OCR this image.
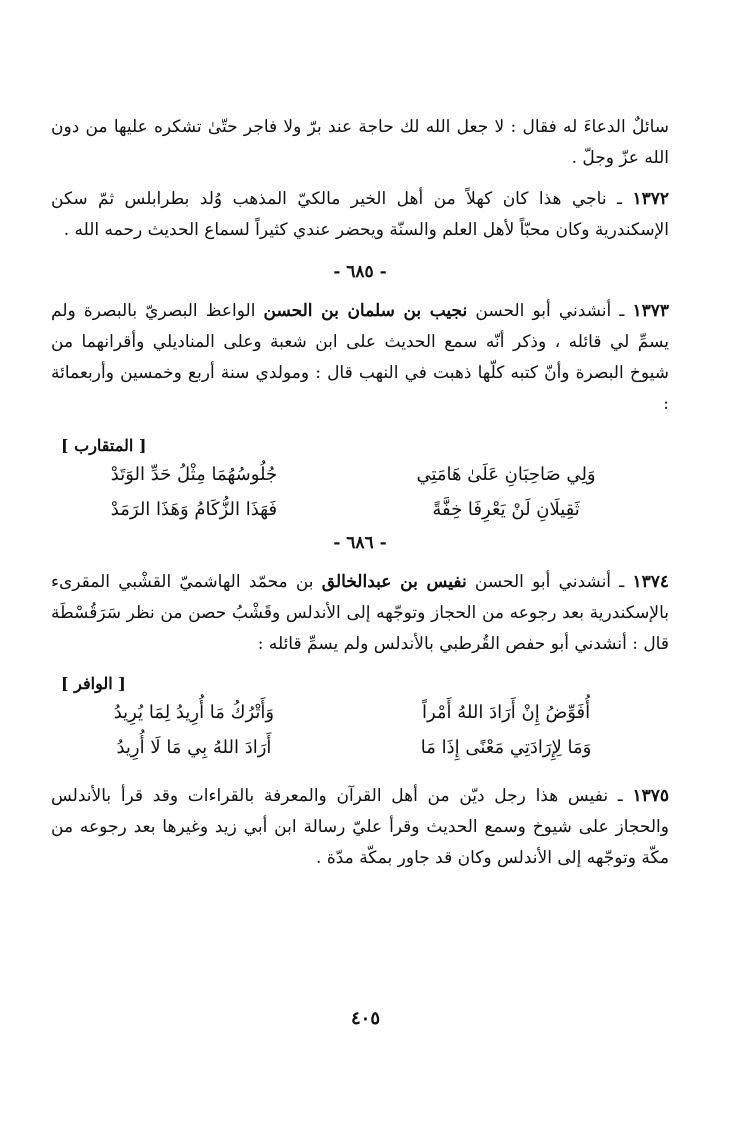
سائلٌ الدعاءَ له فقال : لا جعل الله لك حاجة عند برّ ولا فاجر حتّىٰ تشكره عليها من دون الله عزّ وجلّ .

١٣٧٢ ـ ناجي هذا كان كهلاً من أهل الخير مالكيّ المذهب وُلد بطرابلس ثمّ سكن الإسكندرية وكان محبّاً لأهل العلم والسنّة ويحضر عندي كثيراً لسماع الحديث رحمه الله .

- ٦٨٥ -

١٣٧٣ ـ أنشدني أبو الحسن نجيب بن سلمان بن الحسن الواعظ البصريّ بالبصرة ولم يسمِّ لي قائله ، وذكر أنّه سمع الحديث على ابن شعبة وعلى المناديلي وأقرانهما من شيوخ البصرة وأنّ كتبه كلّها ذهبت في النهب قال : ومولدي سنة أربع وخمسين وأربعمائة :

[ المتقارب ]
وَلِي صَاحِبَانِ عَلَىٰ هَامَتِي
جُلُوسُهُمَا مِثْلُ حَدِّ الوَتَدْ
ثَقِيلَانِ لَنْ يَعْرِفَا خِفَّةً
فَهَذَا الزُّكَامُ وَهَذَا الرَمَدْ
- ٦٨٦ -

١٣٧٤ ـ أنشدني أبو الحسن نفيس بن عبدالخالق بن محمّد الهاشميّ القشْبي المقرىء بالإسكندرية بعد رجوعه من الحجاز وتوجّهه إلى الأندلس وقَشْبُ حصن من نظر سَرَقُسْطَة قال : أنشدني أبو حفص القُرطبي بالأندلس ولم يسمِّ قائله :

[ الوافر ]
أُفَوِّضُ إِنْ أَرَادَ اللهُ أَمْراً
وَأَتْرُكُ مَا أُرِيدُ لِمَا يُرِيدُ
وَمَا لِإِرَادَتِي مَعْنًى إِذَا مَا
أَرَادَ اللهُ بِي مَا لَا أُرِيدُ

١٣٧٥ ـ نفيس هذا رجل ديّن من أهل القرآن والمعرفة بالقراءات وقد قرأ بالأندلس والحجاز على شيوخ وسمع الحديث وقرأ عليّ رسالة ابن أبي زيد وغيرها بعد رجوعه من مكّة وتوجّهه إلى الأندلس وكان قد جاور بمكّة مدّة .

٤٠٥
